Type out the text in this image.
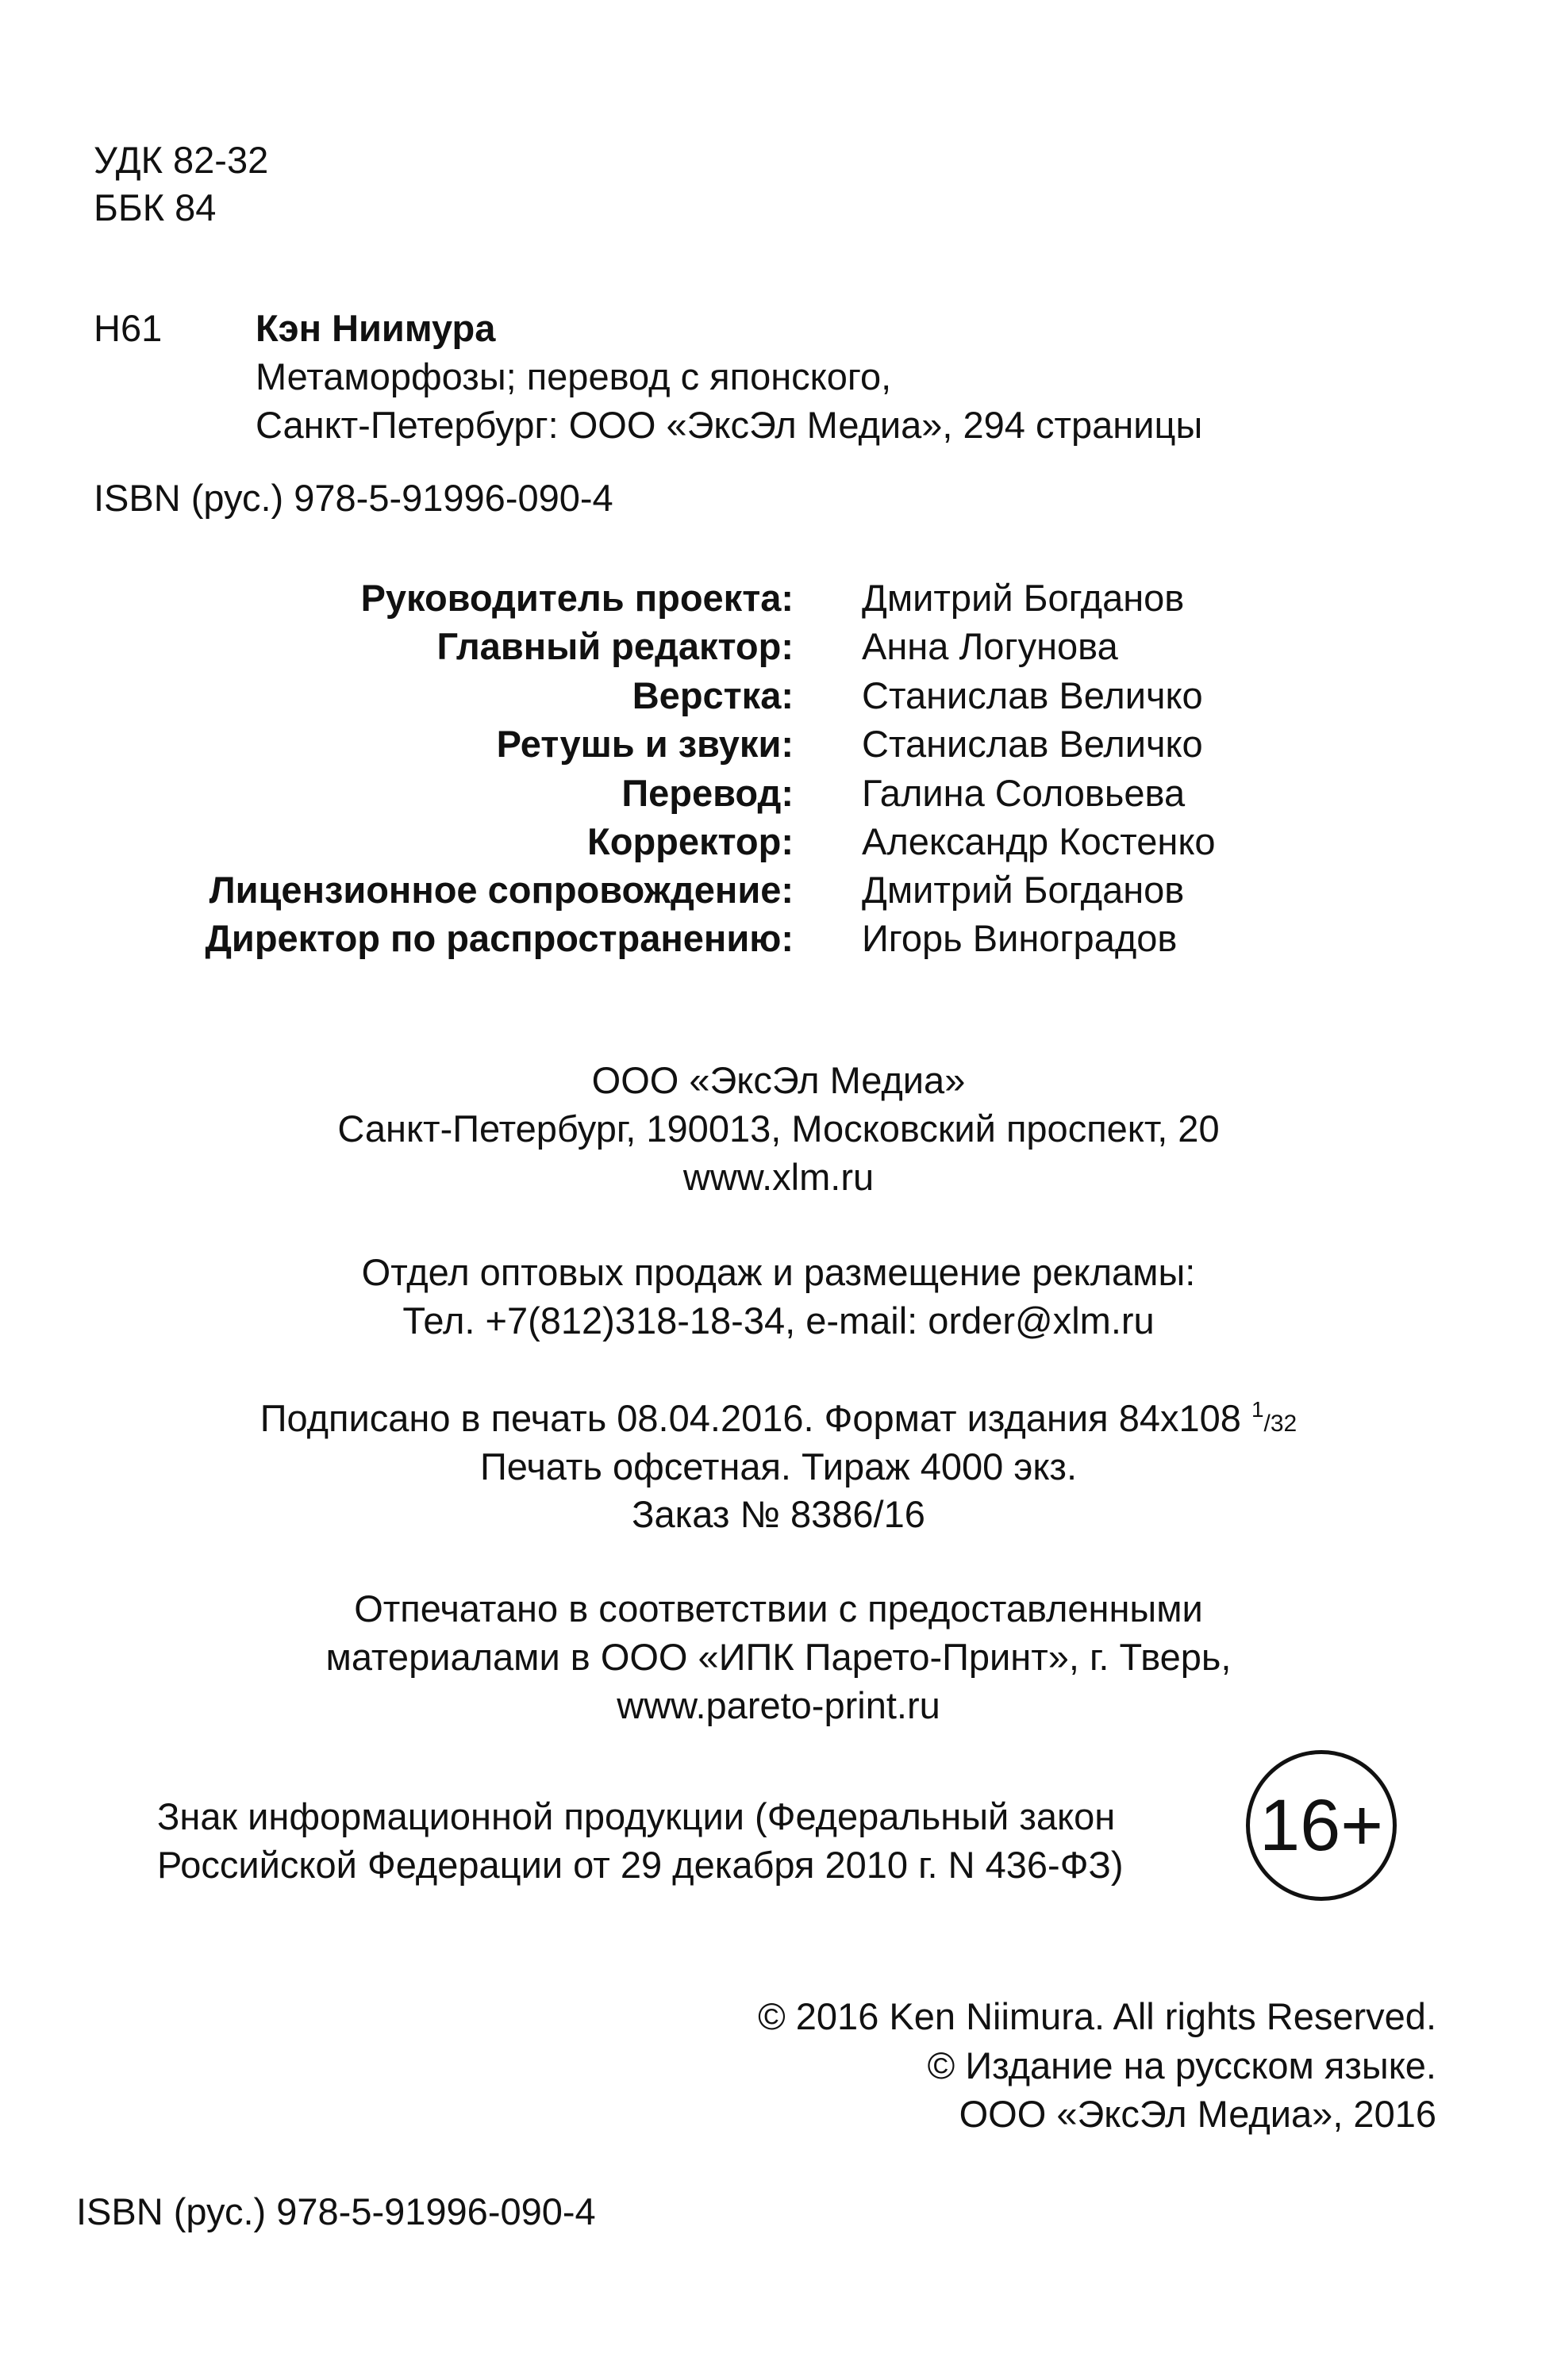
УДК 82-32
ББК 84
Н61	Кэн Ниимура
Метаморфозы; перевод с японского,
Санкт-Петербург: ООО «ЭксЭл Медиа», 294 страницы
ISBN (рус.) 978-5-91996-090-4
Руководитель проекта: Дмитрий Богданов
Главный редактор: Анна Логунова
Верстка: Станислав Величко
Ретушь и звуки: Станислав Величко
Перевод: Галина Соловьева
Корректор: Александр Костенко
Лицензионное сопровождение: Дмитрий Богданов
Директор по распространению: Игорь Виноградов
ООО «ЭксЭл Медиа»
Санкт-Петербург, 190013, Московский проспект, 20
www.xlm.ru
Отдел оптовых продаж и размещение рекламы:
Тел. +7(812)318-18-34, e-mail: order@xlm.ru
Подписано в печать 08.04.2016. Формат издания 84x108 1/32
Печать офсетная. Тираж 4000 экз.
Заказ № 8386/16
Отпечатано в соответствии с предоставленными
материалами в ООО «ИПК Парето-Принт», г. Тверь,
www.pareto-print.ru
Знак информационной продукции (Федеральный закон
Российской Федерации от 29 декабря 2010 г. N 436-ФЗ) 16+
© 2016 Ken Niimura. All rights Reserved.
© Издание на русском языке.
ООО «ЭксЭл Медиа», 2016
ISBN (рус.) 978-5-91996-090-4
